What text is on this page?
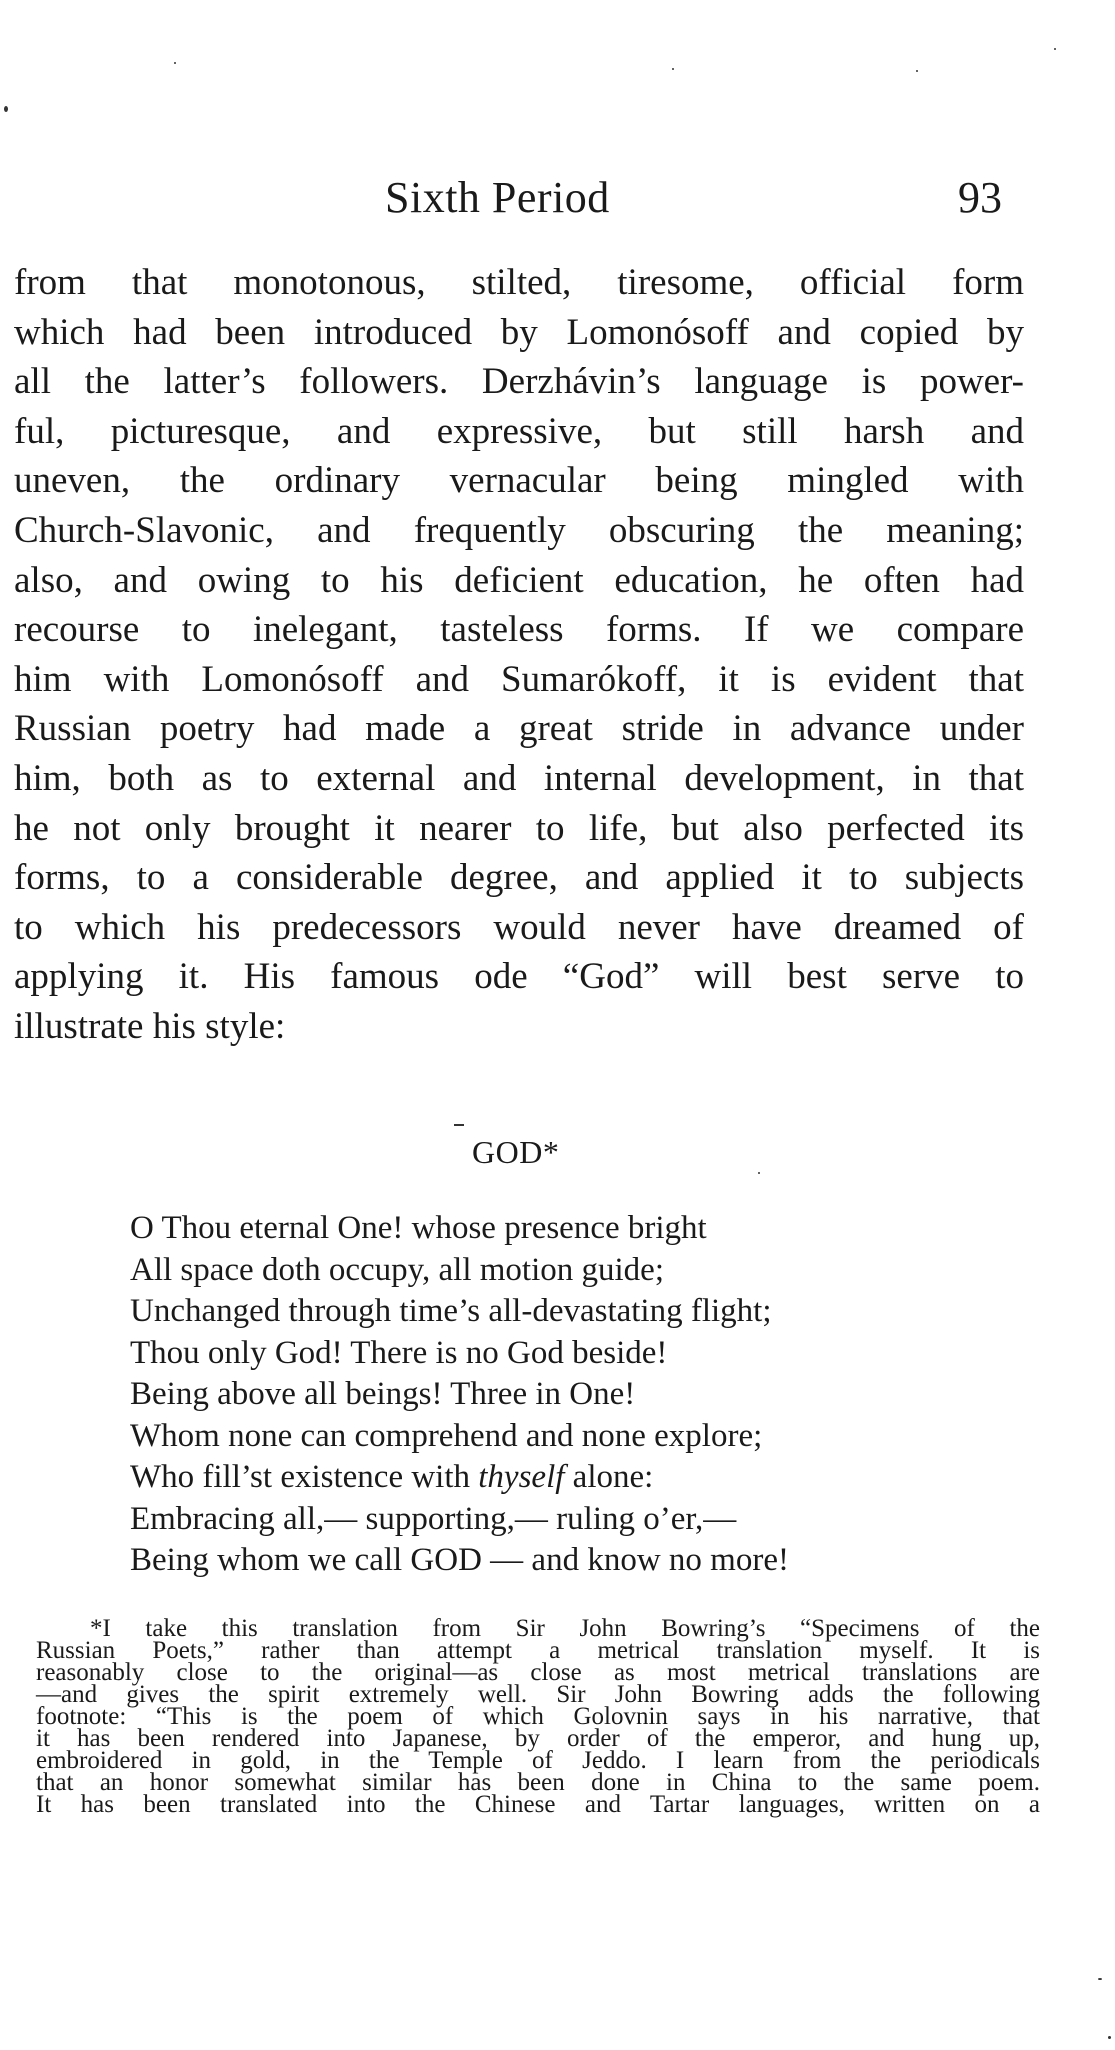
Sixth Period	93
from that monotonous, stilted, tiresome, official form
which had been introduced by Lomonósoff and copied by
all the latter’s followers. Derzhávin’s language is power-
ful, picturesque, and expressive, but still harsh and
uneven, the ordinary vernacular being mingled with
Church-Slavonic, and frequently obscuring the meaning;
also, and owing to his deficient education, he often had
recourse to inelegant, tasteless forms. If we compare
him with Lomonósoff and Sumarókoff, it is evident that
Russian poetry had made a great stride in advance under
him, both as to external and internal development, in that
he not only brought it nearer to life, but also perfected its
forms, to a considerable degree, and applied it to subjects
to which his predecessors would never have dreamed of
applying it. His famous ode “God” will best serve to
illustrate his style:
GOD*
O Thou eternal One! whose presence bright
All space doth occupy, all motion guide;
Unchanged through time’s all-devastating flight;
Thou only God! There is no God beside!
Being above all beings! Three in One!
Whom none can comprehend and none explore;
Who fill’st existence with thyself alone:
Embracing all,— supporting,— ruling o’er,—
Being whom we call GOD — and know no more!
*I take this translation from Sir John Bowring’s “Specimens of the
Russian Poets,” rather than attempt a metrical translation myself. It is
reasonably close to the original—as close as most metrical translations are
—and gives the spirit extremely well. Sir John Bowring adds the following
footnote: “This is the poem of which Golovnin says in his narrative, that
it has been rendered into Japanese, by order of the emperor, and hung up,
embroidered in gold, in the Temple of Jeddo. I learn from the periodicals
that an honor somewhat similar has been done in China to the same poem.
It has been translated into the Chinese and Tartar languages, written on a
